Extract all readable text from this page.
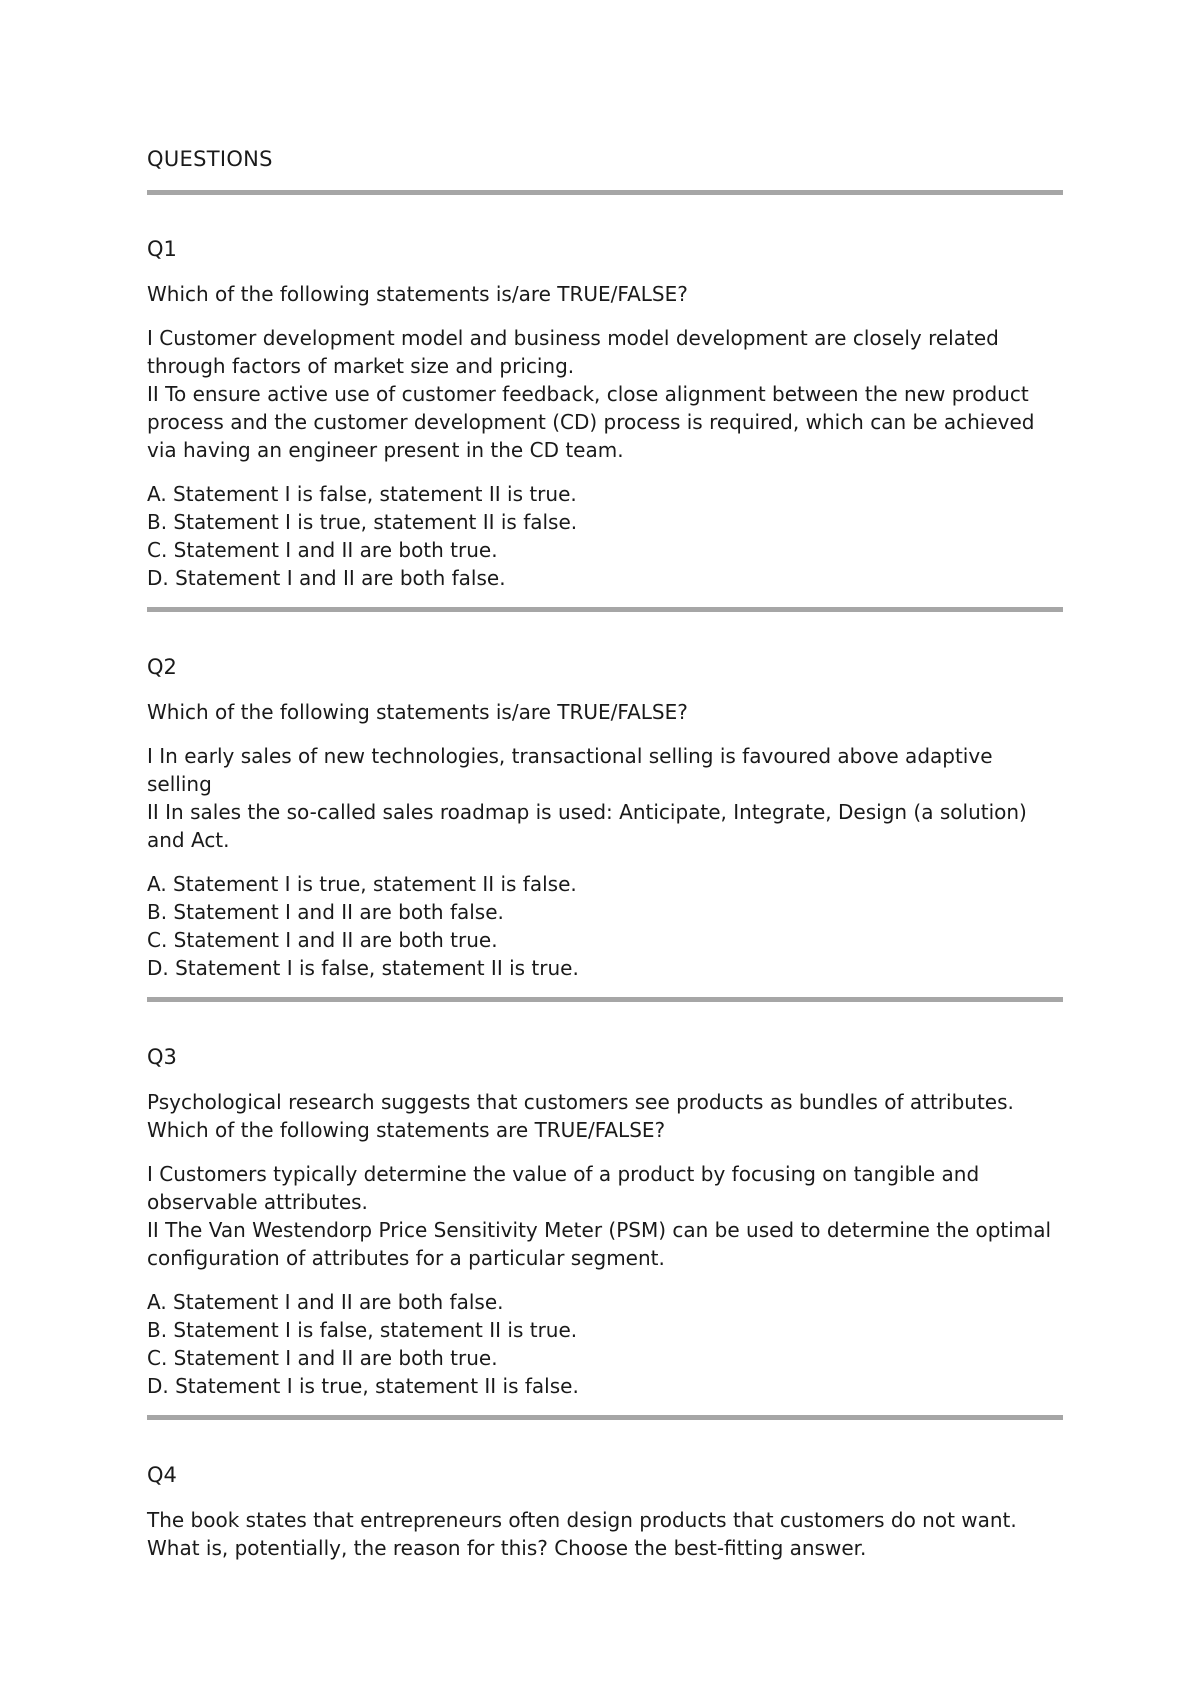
QUESTIONS
Q1

Which of the following statements is/are TRUE/FALSE?

I Customer development model and business model development are closely related through factors of market size and pricing.
II To ensure active use of customer feedback, close alignment between the new product process and the customer development (CD) process is required, which can be achieved via having an engineer present in the CD team.

A. Statement I is false, statement II is true.
B. Statement I is true, statement II is false.
C. Statement I and II are both true.
D. Statement I and II are both false.

Q2

Which of the following statements is/are TRUE/FALSE?

I In early sales of new technologies, transactional selling is favoured above adaptive selling
II In sales the so-called sales roadmap is used: Anticipate, Integrate, Design (a solution) and Act.

A. Statement I is true, statement II is false.
B. Statement I and II are both false.
C. Statement I and II are both true.
D. Statement I is false, statement II is true.

Q3

Psychological research suggests that customers see products as bundles of attributes. Which of the following statements are TRUE/FALSE?

I Customers typically determine the value of a product by focusing on tangible and observable attributes.
II The Van Westendorp Price Sensitivity Meter (PSM) can be used to determine the optimal configuration of attributes for a particular segment.

A. Statement I and II are both false.
B. Statement I is false, statement II is true.
C. Statement I and II are both true.
D. Statement I is true, statement II is false.

Q4

The book states that entrepreneurs often design products that customers do not want. What is, potentially, the reason for this? Choose the best-fitting answer.
